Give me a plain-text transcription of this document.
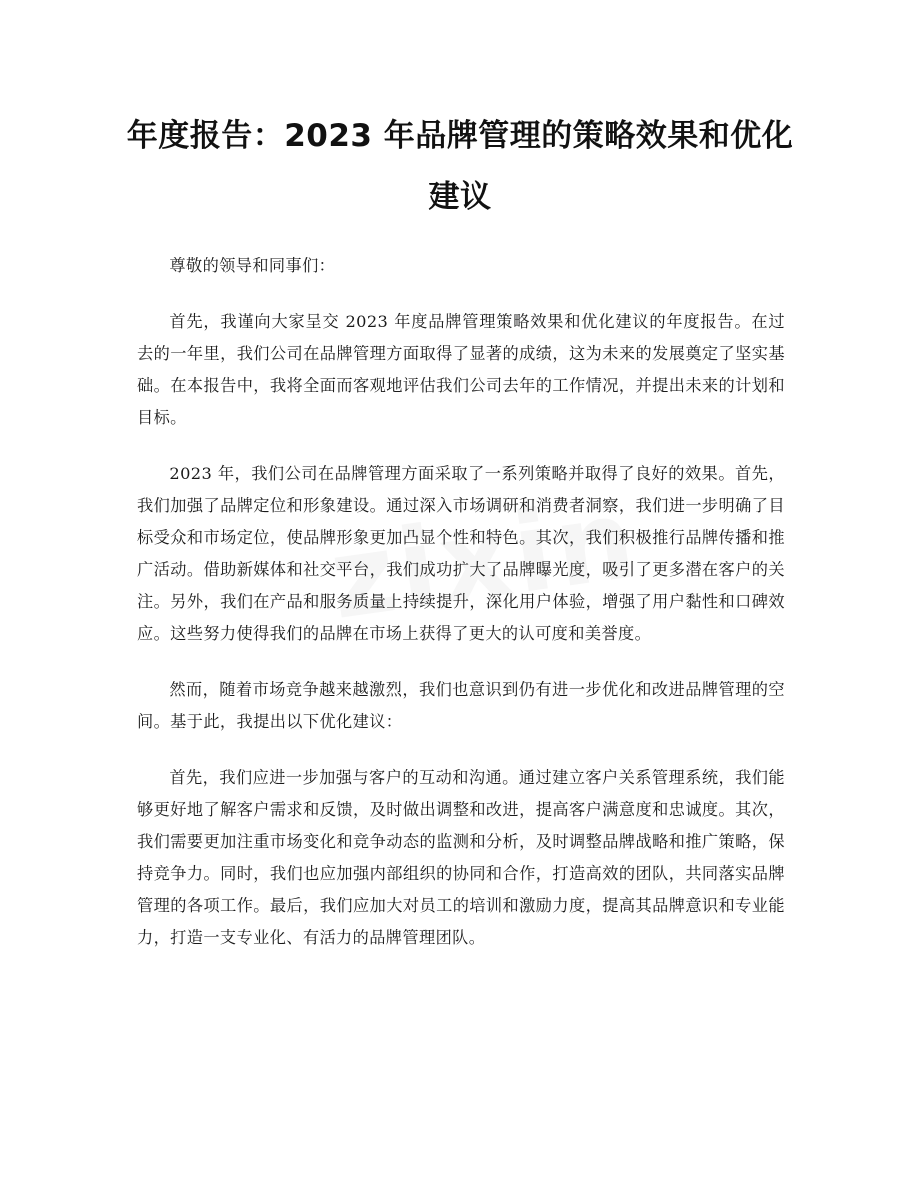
年度报告：2023 年品牌管理的策略效果和优化建议

尊敬的领导和同事们：

首先，我谨向大家呈交 2023 年度品牌管理策略效果和优化建议的年度报告。在过去的一年里，我们公司在品牌管理方面取得了显著的成绩，这为未来的发展奠定了坚实基础。在本报告中，我将全面而客观地评估我们公司去年的工作情况，并提出未来的计划和目标。

2023 年，我们公司在品牌管理方面采取了一系列策略并取得了良好的效果。首先，我们加强了品牌定位和形象建设。通过深入市场调研和消费者洞察，我们进一步明确了目标受众和市场定位，使品牌形象更加凸显个性和特色。其次，我们积极推行品牌传播和推广活动。借助新媒体和社交平台，我们成功扩大了品牌曝光度，吸引了更多潜在客户的关注。另外，我们在产品和服务质量上持续提升，深化用户体验，增强了用户黏性和口碑效应。这些努力使得我们的品牌在市场上获得了更大的认可度和美誉度。

然而，随着市场竞争越来越激烈，我们也意识到仍有进一步优化和改进品牌管理的空间。基于此，我提出以下优化建议：

首先，我们应进一步加强与客户的互动和沟通。通过建立客户关系管理系统，我们能够更好地了解客户需求和反馈，及时做出调整和改进，提高客户满意度和忠诚度。其次，我们需要更加注重市场变化和竞争动态的监测和分析，及时调整品牌战略和推广策略，保持竞争力。同时，我们也应加强内部组织的协同和合作，打造高效的团队，共同落实品牌管理的各项工作。最后，我们应加大对员工的培训和激励力度，提高其品牌意识和专业能力，打造一支专业化、有活力的品牌管理团队。
